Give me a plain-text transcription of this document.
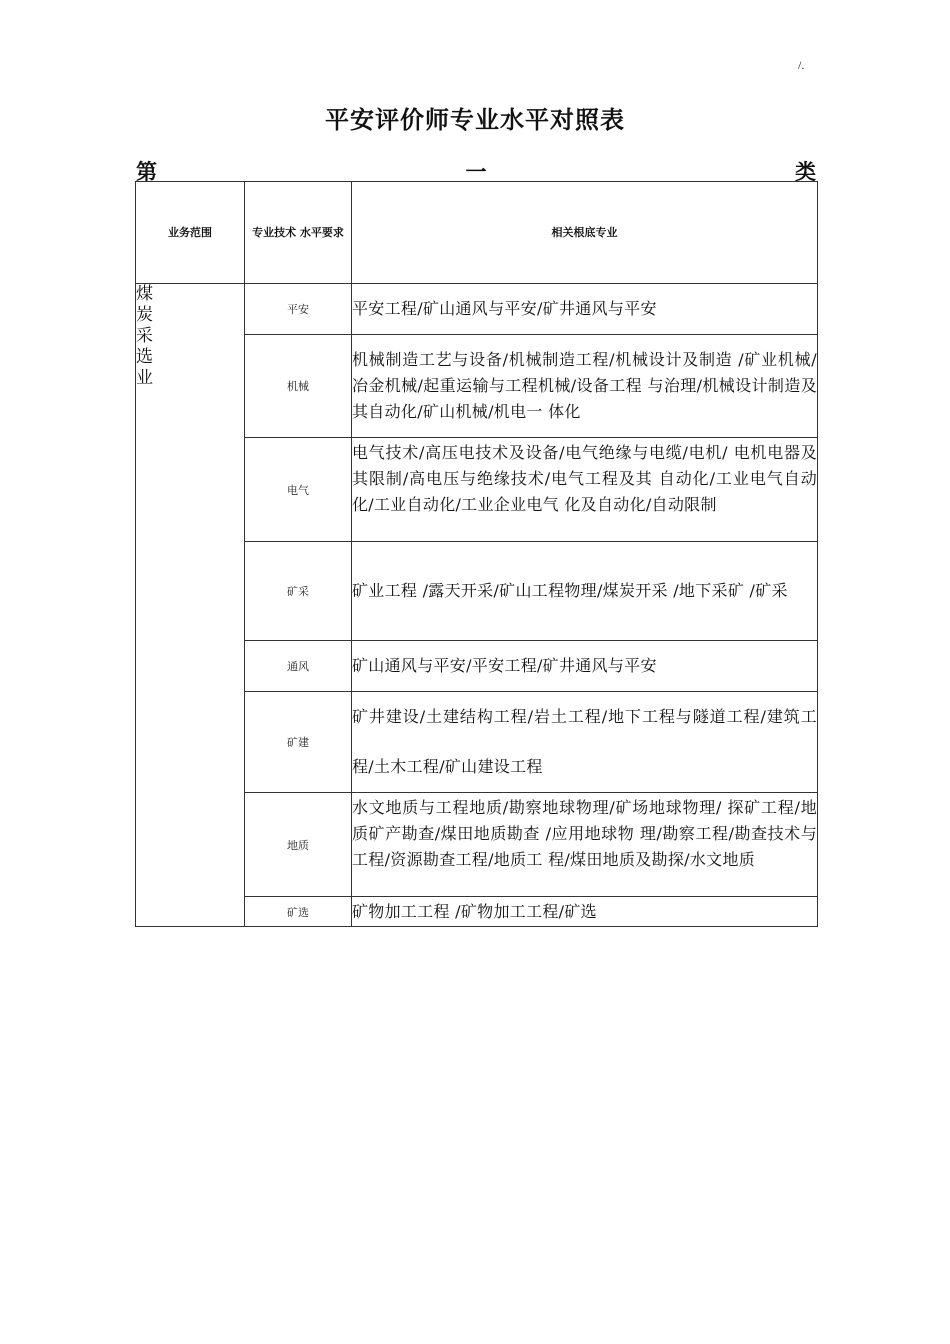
/.
平安评价师专业水平对照表
第	一	类
业务范围	专业技术 水平要求	相关根底专业

煤炭采选业	平安	平安工程/矿山通风与平安/矿井通风与平安
	机械	机械制造工艺与设备/机械制造工程/机械设计及制造 /矿业机械/冶金机械/起重运输与工程机械/设备工程 与治理/机械设计制造及其自动化/矿山机械/机电一 体化
	电气	电气技术/高压电技术及设备/电气绝缘与电缆/电机/ 电机电器及其限制/高电压与绝缘技术/电气工程及其 自动化/工业电气自动化/工业自动化/工业企业电气 化及自动化/自动限制
	矿采	矿业工程 /露天开采/矿山工程物理/煤炭开采 /地下采矿 /矿采
	通风	矿山通风与平安/平安工程/矿井通风与平安
	矿建	矿井建设/土建结构工程/岩土工程/地下工程与隧道工程/建筑工程/土木工程/矿山建设工程
	地质	水文地质与工程地质/勘察地球物理/矿场地球物理/ 探矿工程/地质矿产勘查/煤田地质勘查 /应用地球物 理/勘察工程/勘查技术与工程/资源勘查工程/地质工 程/煤田地质及勘探/水文地质
	矿选	矿物加工工程 /矿物加工工程/矿选
